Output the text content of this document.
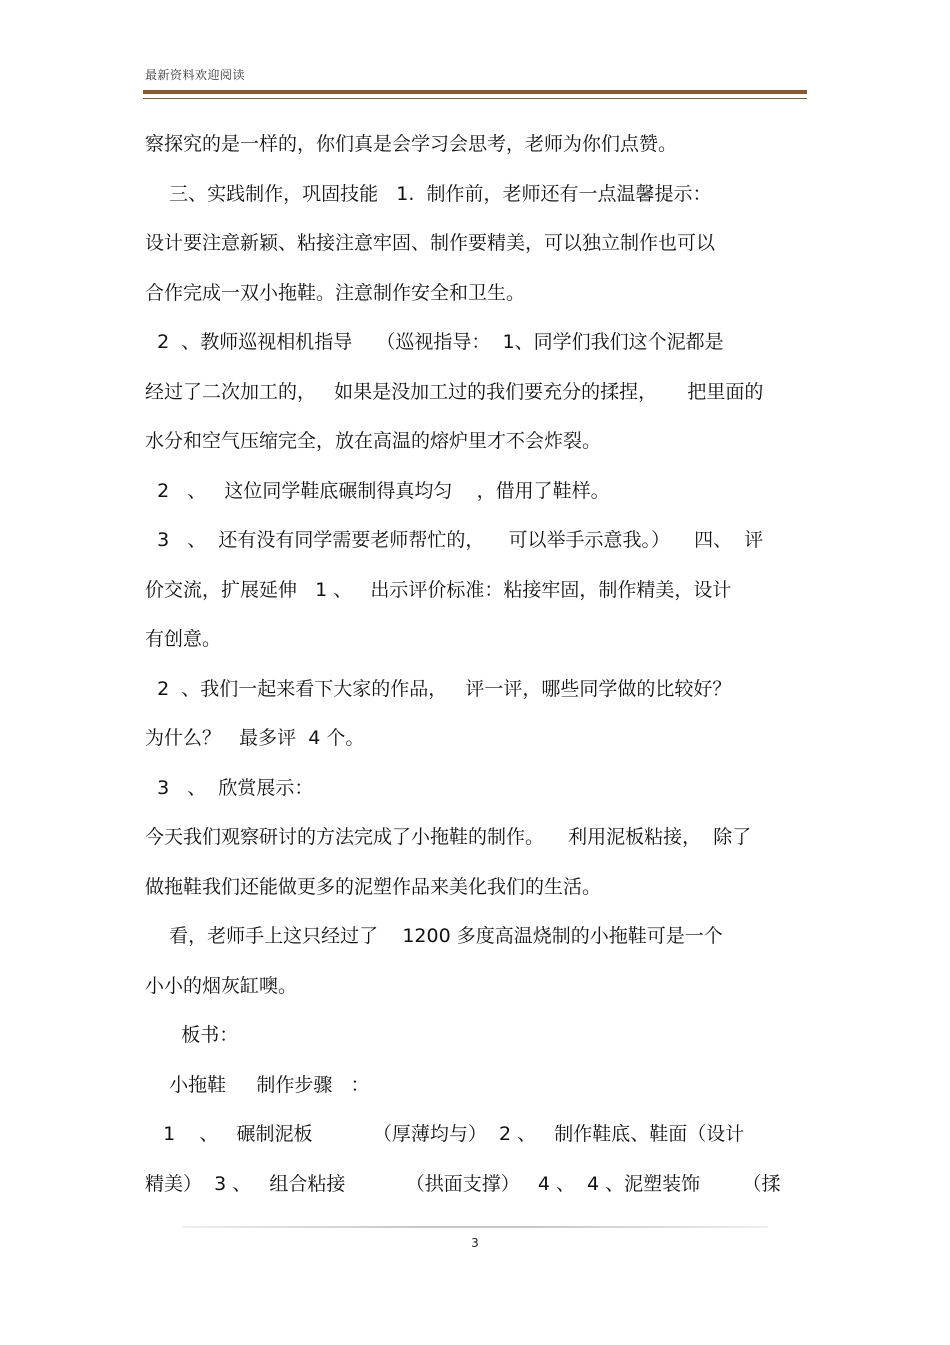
最新资料欢迎阅读
察探究的是一样的，你们真是会学习会思考，老师为你们点赞。
三、实践制作，巩固技能   1.  制作前，老师还有一点温馨提示：
设计要注意新颖、粘接注意牢固、制作要精美，可以独立制作也可以
合作完成一双小拖鞋。注意制作安全和卫生。
2  、教师巡视相机指导    （巡视指导：  1、同学们我们这个泥都是
经过了二次加工的，   如果是没加工过的我们要充分的揉捏，     把里面的
水分和空气压缩完全，放在高温的熔炉里才不会炸裂。
2   、   这位同学鞋底碾制得真均匀    ，借用了鞋样。
3   、  还有没有同学需要老师帮忙的，    可以举手示意我。）    四、  评
价交流，扩展延伸   1 、   出示评价标准：粘接牢固，制作精美，设计
有创意。
2  、我们一起来看下大家的作品，   评一评，哪些同学做的比较好？
为什么？   最多评  4 个。
3   、  欣赏展示：
今天我们观察研讨的方法完成了小拖鞋的制作。    利用泥板粘接，  除了
做拖鞋我们还能做更多的泥塑作品来美化我们的生活。
看，老师手上这只经过了    1200 多度高温烧制的小拖鞋可是一个
小小的烟灰缸噢。
板书：
小拖鞋     制作步骤   ：
1    、   碾制泥板          （厚薄均与）  2 、   制作鞋底、鞋面（设计
精美）  3 、   组合粘接          （拱面支撑）   4 、  4 、泥塑装饰       （揉
3
